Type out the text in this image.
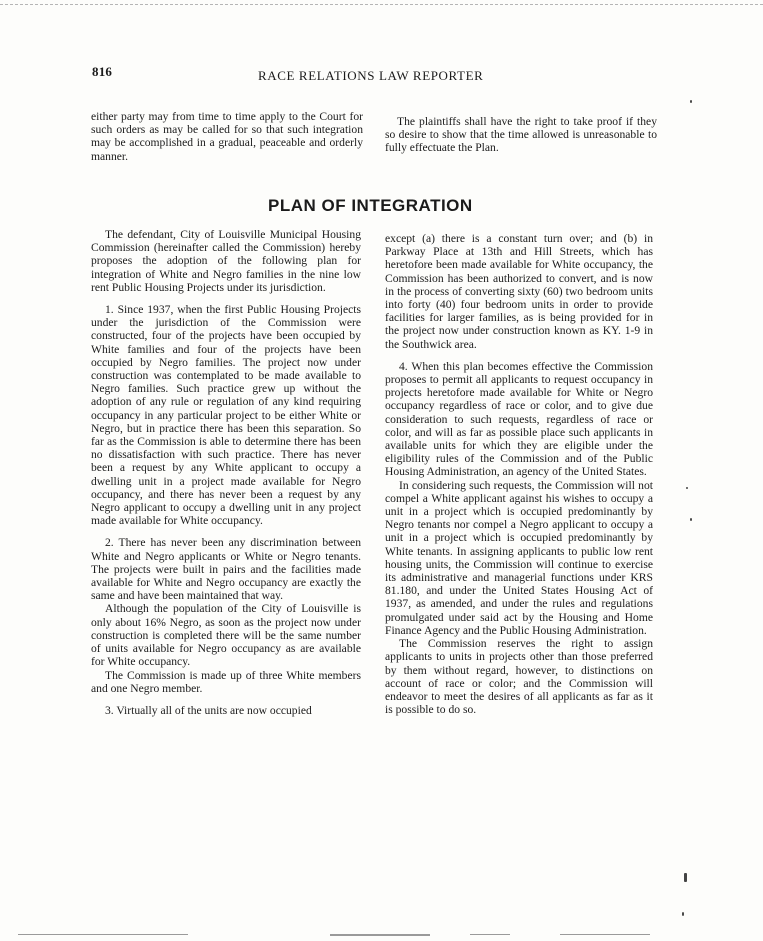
816	RACE RELATIONS LAW REPORTER

either party may from time to time apply to the Court for such orders as may be called for so that such integration may be accomplished in a gradual, peaceable and orderly manner.

The plaintiffs shall have the right to take proof if they so desire to show that the time allowed is unreasonable to fully effectuate the Plan.

PLAN OF INTEGRATION

The defendant, City of Louisville Municipal Housing Commission (hereinafter called the Commission) hereby proposes the adoption of the following plan for integration of White and Negro families in the nine low rent Public Housing Projects under its jurisdiction.

1. Since 1937, when the first Public Housing Projects under the jurisdiction of the Commission were constructed, four of the projects have been occupied by White families and four of the projects have been occupied by Negro families. The project now under construction was contemplated to be made available to Negro families. Such practice grew up without the adoption of any rule or regulation of any kind requiring occupancy in any particular project to be either White or Negro, but in practice there has been this separation. So far as the Commission is able to determine there has been no dissatisfaction with such practice. There has never been a request by any White applicant to occupy a dwelling unit in a project made available for Negro occupancy, and there has never been a request by any Negro applicant to occupy a dwelling unit in any project made available for White occupancy.

2. There has never been any discrimination between White and Negro applicants or White or Negro tenants. The projects were built in pairs and the facilities made available for White and Negro occupancy are exactly the same and have been maintained that way.

Although the population of the City of Louisville is only about 16% Negro, as soon as the project now under construction is completed there will be the same number of units available for Negro occupancy as are available for White occupancy.

The Commission is made up of three White members and one Negro member.

3. Virtually all of the units are now occupied

except (a) there is a constant turn over; and (b) in Parkway Place at 13th and Hill Streets, which has heretofore been made available for White occupancy, the Commission has been authorized to convert, and is now in the process of converting sixty (60) two bedroom units into forty (40) four bedroom units in order to provide facilities for larger families, as is being provided for in the project now under construction known as KY. 1-9 in the Southwick area.

4. When this plan becomes effective the Commission proposes to permit all applicants to request occupancy in projects heretofore made available for White or Negro occupancy regardless of race or color, and to give due consideration to such requests, regardless of race or color, and will as far as possible place such applicants in available units for which they are eligible under the eligibility rules of the Commission and of the Public Housing Administration, an agency of the United States.

In considering such requests, the Commission will not compel a White applicant against his wishes to occupy a unit in a project which is occupied predominantly by Negro tenants nor compel a Negro applicant to occupy a unit in a project which is occupied predominantly by White tenants. In assigning applicants to public low rent housing units, the Commission will continue to exercise its administrative and managerial functions under KRS 81.180, and under the United States Housing Act of 1937, as amended, and under the rules and regulations promulgated under said act by the Housing and Home Finance Agency and the Public Housing Administration.

The Commission reserves the right to assign applicants to units in projects other than those preferred by them without regard, however, to distinctions on account of race or color; and the Commission will endeavor to meet the desires of all applicants as far as it is possible to do so.
